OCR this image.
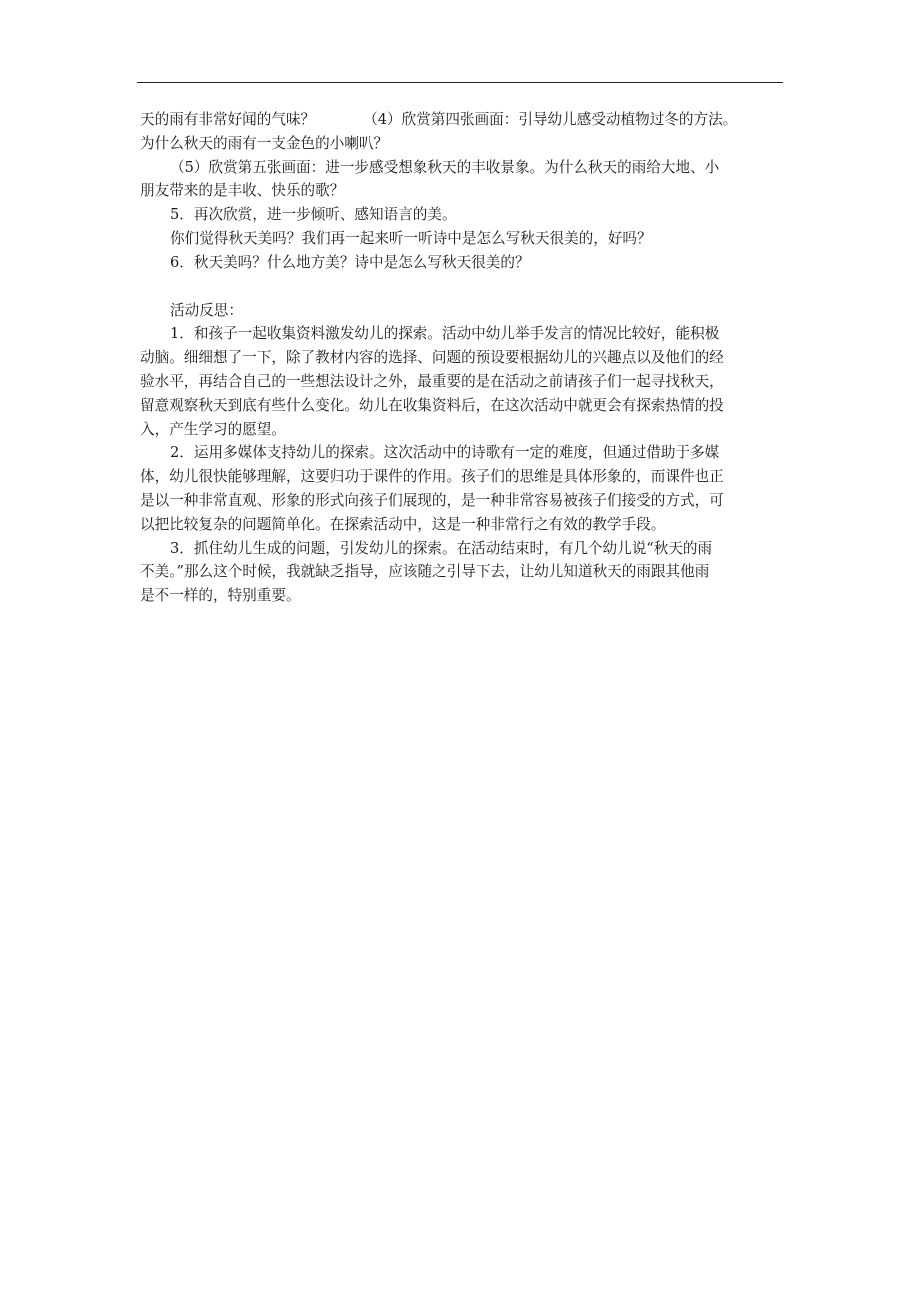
天的雨有非常好闻的气味？	（4）欣赏第四张画面：引导幼儿感受动植物过冬的方法。
为什么秋天的雨有一支金色的小喇叭？
（5）欣赏第五张画面：进一步感受想象秋天的丰收景象。为什么秋天的雨给大地、小
朋友带来的是丰收、快乐的歌？
5．再次欣赏，进一步倾听、感知语言的美。
你们觉得秋天美吗？我们再一起来听一听诗中是怎么写秋天很美的，好吗？
6．秋天美吗？什么地方美？诗中是怎么写秋天很美的？
活动反思：
1．和孩子一起收集资料激发幼儿的探索。活动中幼儿举手发言的情况比较好，能积极
动脑。细细想了一下，除了教材内容的选择、问题的预设要根据幼儿的兴趣点以及他们的经
验水平，再结合自己的一些想法设计之外，最重要的是在活动之前请孩子们一起寻找秋天，
留意观察秋天到底有些什么变化。幼儿在收集资料后，在这次活动中就更会有探索热情的投
入，产生学习的愿望。
2．运用多媒体支持幼儿的探索。这次活动中的诗歌有一定的难度，但通过借助于多媒
体，幼儿很快能够理解，这要归功于课件的作用。孩子们的思维是具体形象的，而课件也正
是以一种非常直观、形象的形式向孩子们展现的，是一种非常容易被孩子们接受的方式，可
以把比较复杂的问题简单化。在探索活动中，这是一种非常行之有效的教学手段。
3．抓住幼儿生成的问题，引发幼儿的探索。在活动结束时，有几个幼儿说“秋天的雨
不美。”那么这个时候，我就缺乏指导，应该随之引导下去，让幼儿知道秋天的雨跟其他雨
是不一样的，特别重要。
